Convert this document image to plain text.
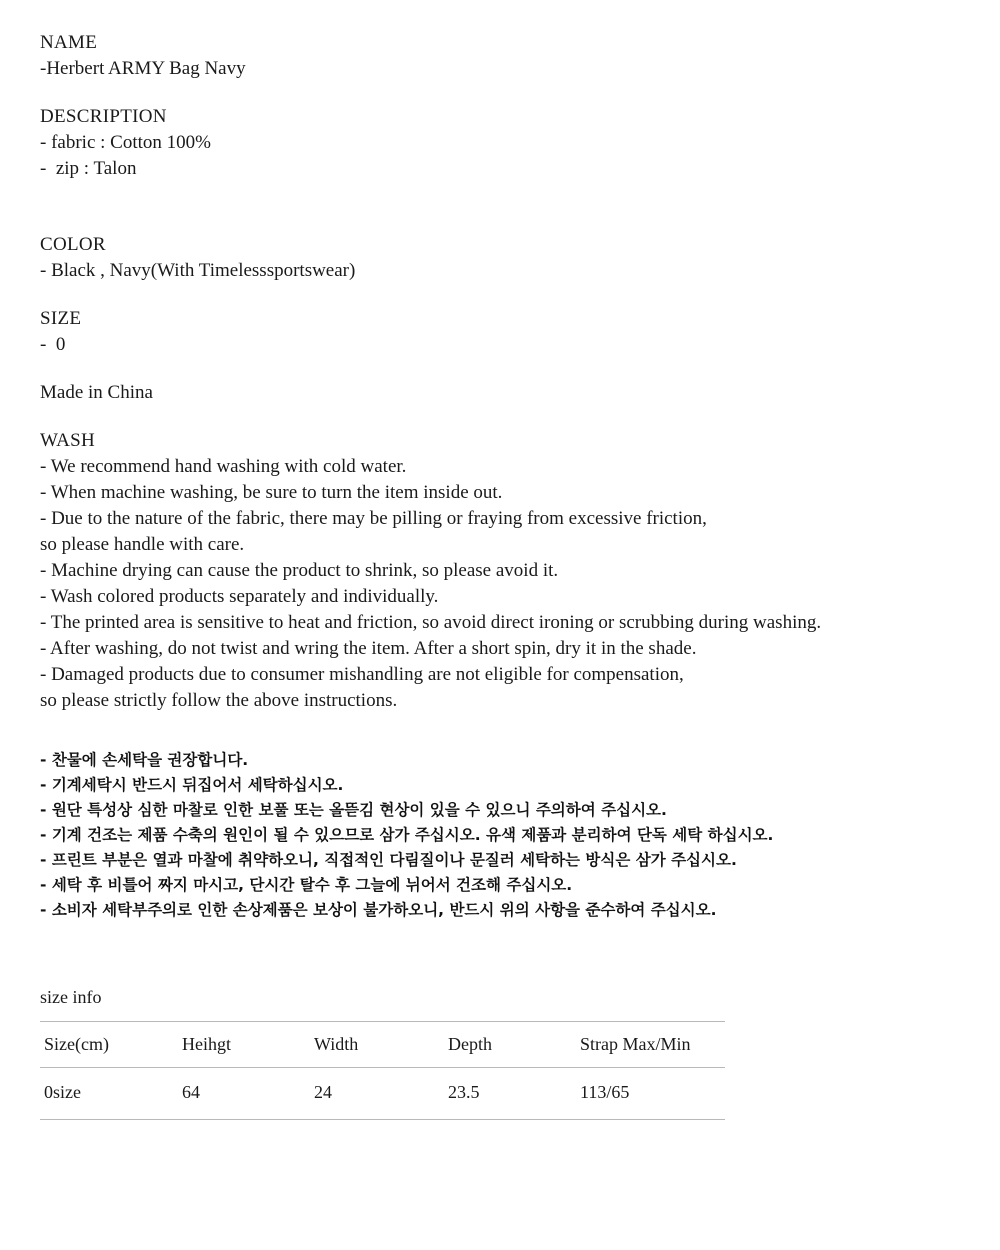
NAME
-Herbert ARMY Bag Navy
DESCRIPTION
- fabric : Cotton 100%
-  zip : Talon
COLOR
- Black , Navy(With Timelesssportswear)
SIZE
-  0
Made in China
WASH
- We recommend hand washing with cold water.
- When machine washing, be sure to turn the item inside out.
- Due to the nature of the fabric, there may be pilling or fraying from excessive friction,
so please handle with care.
- Machine drying can cause the product to shrink, so please avoid it.
- Wash colored products separately and individually.
- The printed area is sensitive to heat and friction, so avoid direct ironing or scrubbing during washing.
- After washing, do not twist and wring the item. After a short spin, dry it in the shade.
- Damaged products due to consumer mishandling are not eligible for compensation,
so please strictly follow the above instructions.
- 찬물에 손세탁을 권장합니다.
- 기계세탁시 반드시 뒤집어서 세탁하십시오.
- 원단 특성상 심한 마찰로 인한 보풀 또는 올뜯김 현상이 있을 수 있으니 주의하여 주십시오.
- 기계 건조는 제품 수축의 원인이 될 수 있으므로 삼가 주십시오. 유색 제품과 분리하여 단독 세탁 하십시오.
- 프린트 부분은 열과 마찰에 취약하오니, 직접적인 다림질이나 문질러 세탁하는 방식은 삼가 주십시오.
- 세탁 후 비틀어 짜지 마시고, 단시간 탈수 후 그늘에 뉘어서 건조해 주십시오.
- 소비자 세탁부주의로 인한 손상제품은 보상이 불가하오니, 반드시 위의 사항을 준수하여 주십시오.
size info
Size(cm)	Heihgt	Width	Depth	Strap Max/Min
0size	64	24	23.5	113/65
